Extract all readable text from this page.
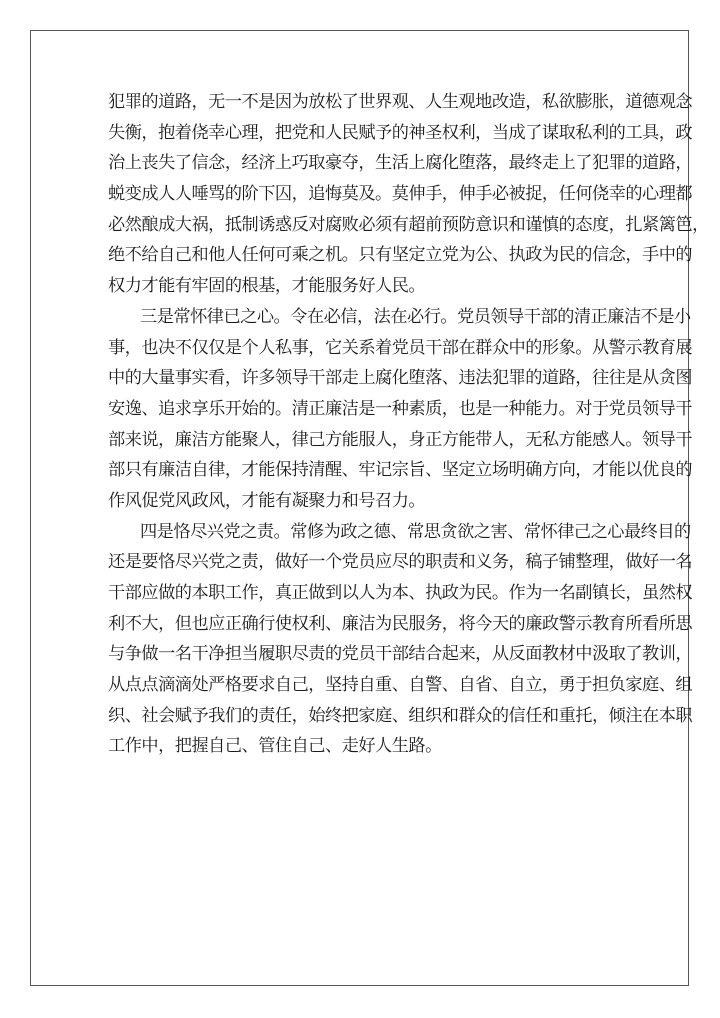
犯罪的道路，无一不是因为放松了世界观、人生观地改造，私欲膨胀，道德观念
失衡，抱着侥幸心理，把党和人民赋予的神圣权利，当成了谋取私利的工具，政
治上丧失了信念，经济上巧取豪夺，生活上腐化堕落，最终走上了犯罪的道路，
蜕变成人人唾骂的阶下囚，追悔莫及。莫伸手，伸手必被捉，任何侥幸的心理都
必然酿成大祸，抵制诱惑反对腐败必须有超前预防意识和谨慎的态度，扎紧篱笆，
绝不给自己和他人任何可乘之机。只有坚定立党为公、执政为民的信念，手中的
权力才能有牢固的根基，才能服务好人民。
三是常怀律已之心。令在必信，法在必行。党员领导干部的清正廉洁不是小
事，也决不仅仅是个人私事，它关系着党员干部在群众中的形象。从警示教育展
中的大量事实看，许多领导干部走上腐化堕落、违法犯罪的道路，往往是从贪图
安逸、追求享乐开始的。清正廉洁是一种素质，也是一种能力。对于党员领导干
部来说，廉洁方能聚人，律己方能服人，身正方能带人，无私方能感人。领导干
部只有廉洁自律，才能保持清醒、牢记宗旨、坚定立场明确方向，才能以优良的
作风促党风政风，才能有凝聚力和号召力。
四是恪尽兴党之责。常修为政之德、常思贪欲之害、常怀律己之心最终目的
还是要恪尽兴党之责，做好一个党员应尽的职责和义务，稿子铺整理，做好一名
干部应做的本职工作，真正做到以人为本、执政为民。作为一名副镇长，虽然权
利不大，但也应正确行使权利、廉洁为民服务，将今天的廉政警示教育所看所思
与争做一名干净担当履职尽责的党员干部结合起来，从反面教材中汲取了教训，
从点点滴滴处严格要求自己，坚持自重、自警、自省、自立，勇于担负家庭、组
织、社会赋予我们的责任，始终把家庭、组织和群众的信任和重托，倾注在本职
工作中，把握自己、管住自己、走好人生路。
